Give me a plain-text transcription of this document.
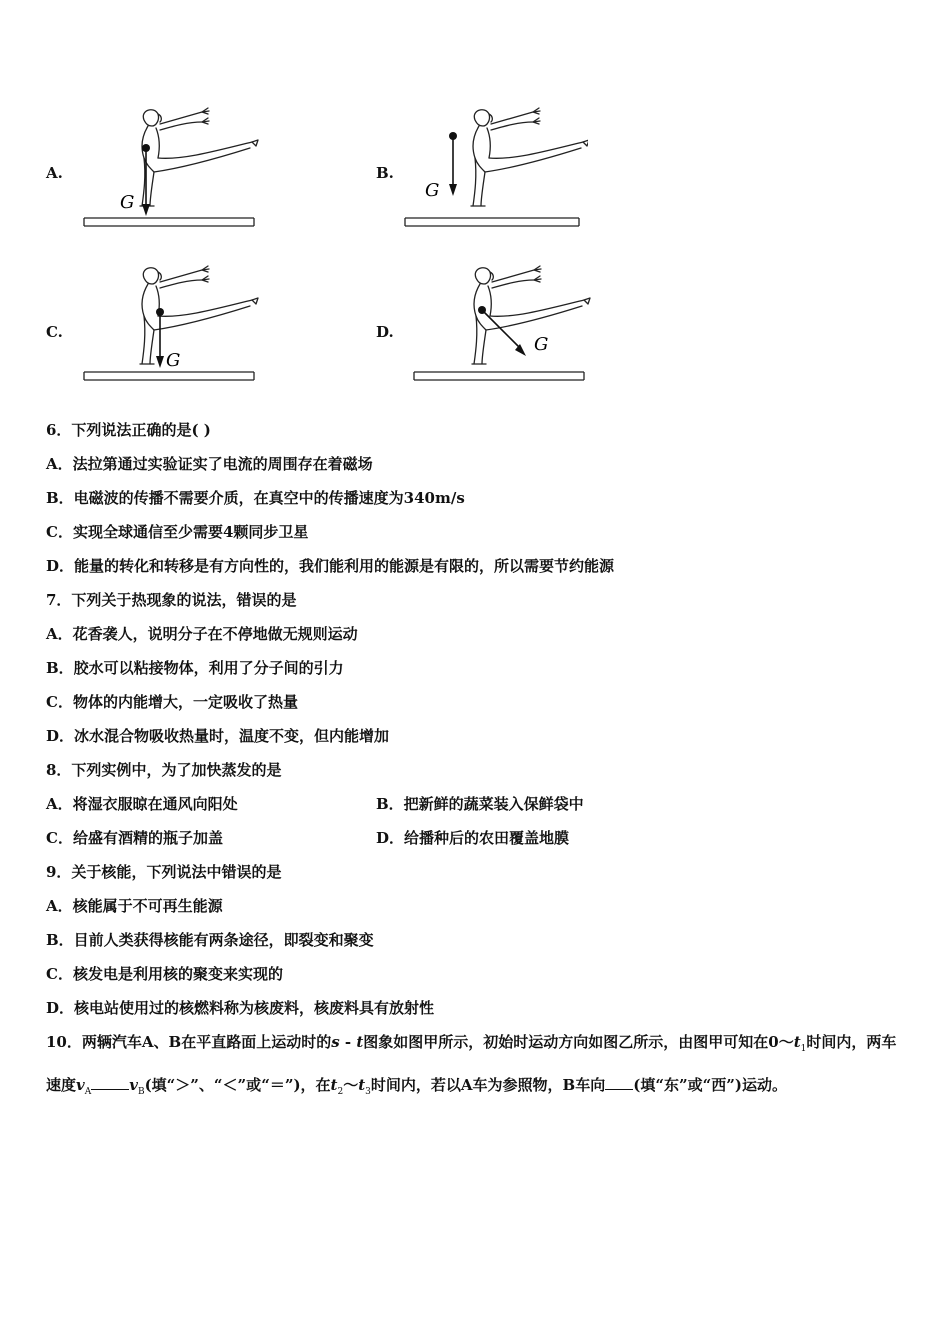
A.
G
B.
G
C.
G
D.
G
6．下列说法正确的是( )
A．法拉第通过实验证实了电流的周围存在着磁场
B．电磁波的传播不需要介质，在真空中的传播速度为340m/s
C．实现全球通信至少需要4颗同步卫星
D．能量的转化和转移是有方向性的，我们能利用的能源是有限的，所以需要节约能源
7．下列关于热现象的说法，错误的是
A．花香袭人，说明分子在不停地做无规则运动
B．胶水可以粘接物体，利用了分子间的引力
C．物体的内能增大，一定吸收了热量
D．冰水混合物吸收热量时，温度不变，但内能增加
8．下列实例中，为了加快蒸发的是
A．将湿衣服晾在通风向阳处	B．把新鲜的蔬菜装入保鲜袋中
C．给盛有酒精的瓶子加盖	D．给播种后的农田覆盖地膜
9．关于核能，下列说法中错误的是
A．核能属于不可再生能源
B．目前人类获得核能有两条途径，即裂变和聚变
C．核发电是利用核的聚变来实现的
D．核电站使用过的核燃料称为核废料，核废料具有放射性
10．两辆汽车A、B在平直路面上运动时的s - t图象如图甲所示，初始时运动方向如图乙所示，由图甲可知在$0\sim t_1$时间内，两车速度$v_A$	$v_B$(填“＞”、“＜”或“＝”)，在$t_2\sim t_3$时间内，若以A车为参照物，B车向 (填“东”或“西”)运动。
